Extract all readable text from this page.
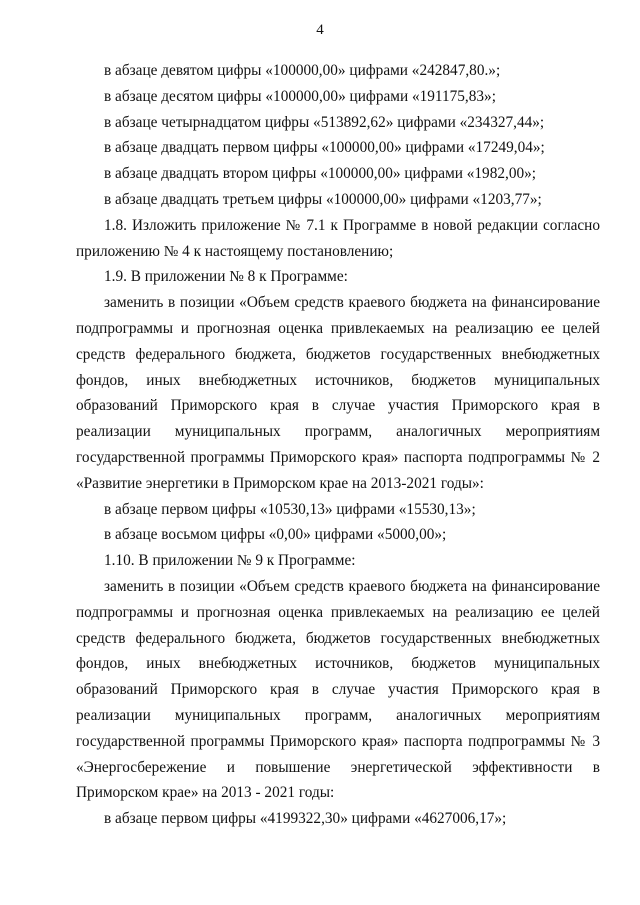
4
в абзаце девятом цифры «100000,00» цифрами «242847,80.»;
в абзаце десятом цифры «100000,00» цифрами «191175,83»;
в абзаце четырнадцатом цифры «513892,62» цифрами «234327,44»;
в абзаце двадцать первом цифры «100000,00» цифрами «17249,04»;
в абзаце двадцать втором цифры «100000,00» цифрами «1982,00»;
в абзаце двадцать третьем цифры «100000,00» цифрами «1203,77»;
1.8. Изложить приложение № 7.1 к Программе в новой редакции согласно
приложению № 4 к настоящему постановлению;
1.9. В приложении № 8 к Программе:
заменить в позиции «Объем средств краевого бюджета на финансирование
подпрограммы и прогнозная оценка привлекаемых на реализацию ее целей
средств федерального бюджета, бюджетов государственных внебюджетных
фондов, иных внебюджетных источников, бюджетов муниципальных
образований Приморского края в случае участия Приморского края в
реализации муниципальных программ, аналогичных мероприятиям
государственной программы Приморского края» паспорта подпрограммы № 2
«Развитие энергетики в Приморском крае на 2013-2021 годы»:
в абзаце первом цифры «10530,13» цифрами «15530,13»;
в абзаце восьмом цифры «0,00» цифрами «5000,00»;
1.10. В приложении № 9 к Программе:
заменить в позиции «Объем средств краевого бюджета на финансирование
подпрограммы и прогнозная оценка привлекаемых на реализацию ее целей
средств федерального бюджета, бюджетов государственных внебюджетных
фондов, иных внебюджетных источников, бюджетов муниципальных
образований Приморского края в случае участия Приморского края в
реализации муниципальных программ, аналогичных мероприятиям
государственной программы Приморского края» паспорта подпрограммы № 3
«Энергосбережение и повышение энергетической эффективности в
Приморском крае» на 2013 - 2021 годы:
в абзаце первом цифры «4199322,30» цифрами «4627006,17»;
